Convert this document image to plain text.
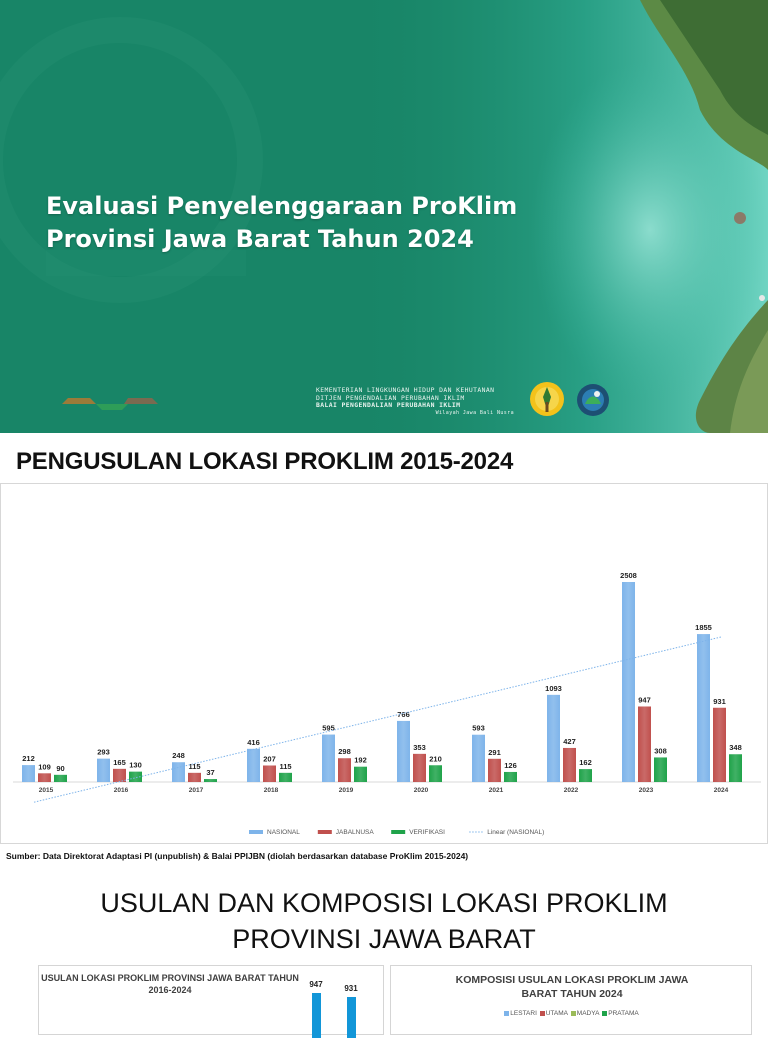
Evaluasi Penyelenggaraan ProKlim
Provinsi Jawa Barat Tahun 2024
KEMENTERIAN LINGKUNGAN HIDUP DAN KEHUTANAN
DITJEN PENGENDALIAN PERUBAHAN IKLIM
BALAI PENGENDALIAN PERUBAHAN IKLIM
Wilayah Jawa Bali Nusra
PENGUSULAN LOKASI PROKLIM 2015-2024
212
109 90
2015
293
165 130
2016
248
115
37
2017
416
207
115
2018
595
298
192
2019
766
353
210
2020
593
291
126
2021
1093
427
162
2022
2508
947
308
2023
1855
931
348
2024
NASIONAL	JABALNUSA	VERIFIKASI	Linear (NASIONAL)
Sumber: Data Direktorat Adaptasi PI (unpublish) & Balai PPIJBN (diolah berdasarkan database ProKlim 2015-2024)
USULAN DAN KOMPOSISI LOKASI PROKLIM
PROVINSI JAWA BARAT
USULAN LOKASI PROKLIM PROVINSI JAWA BARAT TAHUN
2016-2024
947	931
KOMPOSISI USULAN LOKASI PROKLIM JAWA
BARAT TAHUN 2024
LESTARI UTAMA MADYA PRATAMA
